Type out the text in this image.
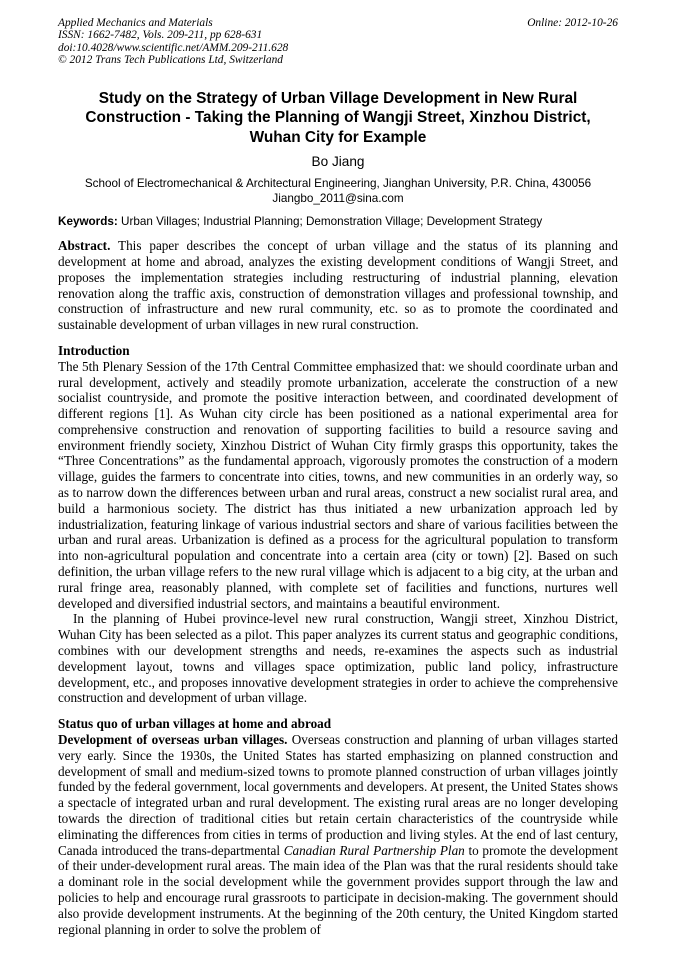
Applied Mechanics and Materials
ISSN: 1662-7482, Vols. 209-211, pp 628-631
doi:10.4028/www.scientific.net/AMM.209-211.628
© 2012 Trans Tech Publications Ltd, Switzerland
Online: 2012-10-26
Study on the Strategy of Urban Village Development in New Rural
Construction - Taking the Planning of Wangji Street, Xinzhou District,
Wuhan City for Example
Bo Jiang
School of Electromechanical & Architectural Engineering, Jianghan University, P.R. China, 430056
Jiangbo_2011@sina.com
Keywords: Urban Villages; Industrial Planning; Demonstration Village; Development Strategy

Abstract. This paper describes the concept of urban village and the status of its planning and development at home and abroad, analyzes the existing development conditions of Wangji Street, and proposes the implementation strategies including restructuring of industrial planning, elevation renovation along the traffic axis, construction of demonstration villages and professional township, and construction of infrastructure and new rural community, etc. so as to promote the coordinated and sustainable development of urban villages in new rural construction.

Introduction

The 5th Plenary Session of the 17th Central Committee emphasized that: we should coordinate urban and rural development, actively and steadily promote urbanization, accelerate the construction of a new socialist countryside, and promote the positive interaction between, and coordinated development of different regions [1]. As Wuhan city circle has been positioned as a national experimental area for comprehensive construction and renovation of supporting facilities to build a resource saving and environment friendly society, Xinzhou District of Wuhan City firmly grasps this opportunity, takes the “Three Concentrations” as the fundamental approach, vigorously promotes the construction of a modern village, guides the farmers to concentrate into cities, towns, and new communities in an orderly way, so as to narrow down the differences between urban and rural areas, construct a new socialist rural area, and build a harmonious society. The district has thus initiated a new urbanization approach led by industrialization, featuring linkage of various industrial sectors and share of various facilities between the urban and rural areas. Urbanization is defined as a process for the agricultural population to transform into non-agricultural population and concentrate into a certain area (city or town) [2]. Based on such definition, the urban village refers to the new rural village which is adjacent to a big city, at the urban and rural fringe area, reasonably planned, with complete set of facilities and functions, nurtures well developed and diversified industrial sectors, and maintains a beautiful environment.

In the planning of Hubei province-level new rural construction, Wangji street, Xinzhou District, Wuhan City has been selected as a pilot. This paper analyzes its current status and geographic conditions, combines with our development strengths and needs, re-examines the aspects such as industrial development layout, towns and villages space optimization, public land policy, infrastructure development, etc., and proposes innovative development strategies in order to achieve the comprehensive construction and development of urban village.

Status quo of urban villages at home and abroad

Development of overseas urban villages. Overseas construction and planning of urban villages started very early. Since the 1930s, the United States has started emphasizing on planned construction and development of small and medium-sized towns to promote planned construction of urban villages jointly funded by the federal government, local governments and developers. At present, the United States shows a spectacle of integrated urban and rural development. The existing rural areas are no longer developing towards the direction of traditional cities but retain certain characteristics of the countryside while eliminating the differences from cities in terms of production and living styles. At the end of last century, Canada introduced the trans-departmental Canadian Rural Partnership Plan to promote the development of their under-development rural areas. The main idea of the Plan was that the rural residents should take a dominant role in the social development while the government provides support through the law and policies to help and encourage rural grassroots to participate in decision-making. The government should also provide development instruments. At the beginning of the 20th century, the United Kingdom started regional planning in order to solve the problem of
